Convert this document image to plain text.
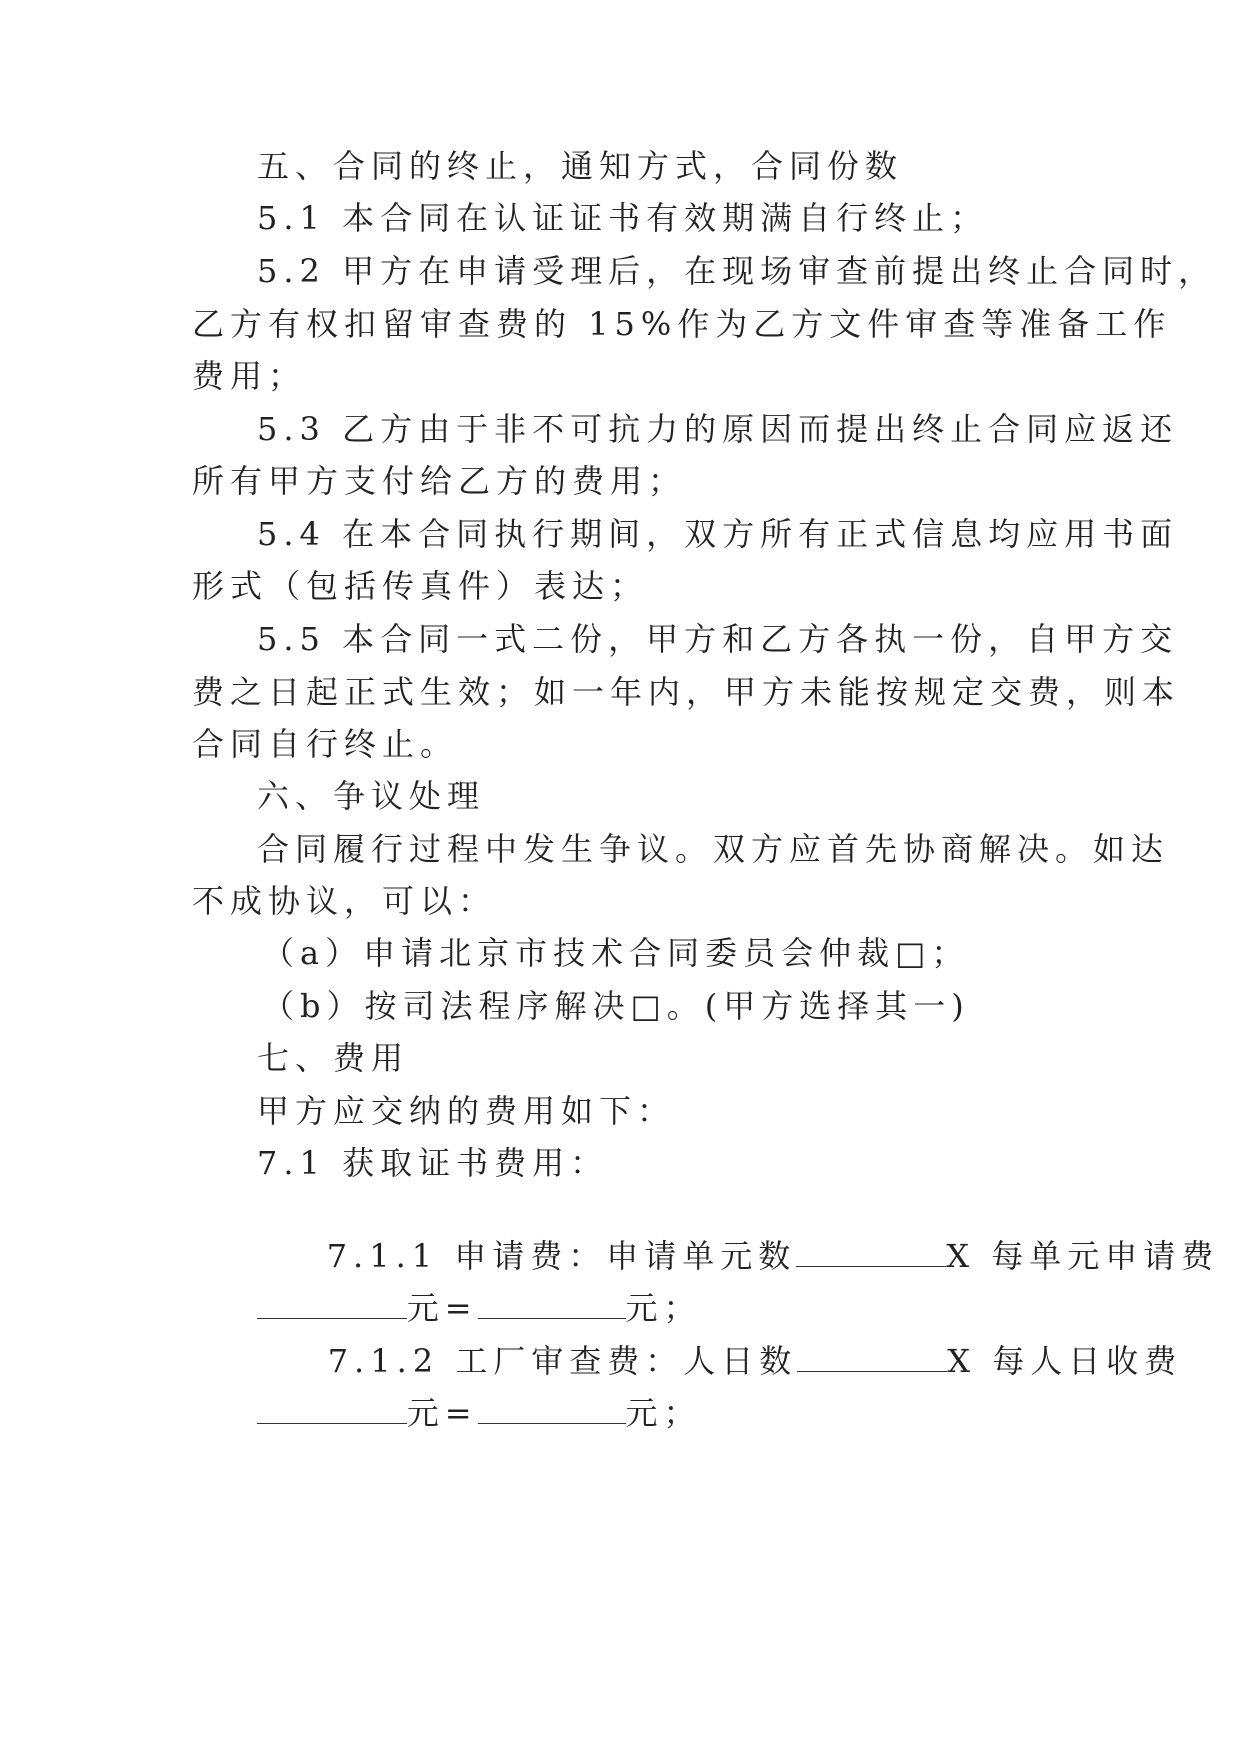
五、合同的终止，通知方式，合同份数
5.1 本合同在认证证书有效期满自行终止；
5.2 甲方在申请受理后，在现场审查前提出终止合同时，
乙方有权扣留审查费的 15%作为乙方文件审查等准备工作
费用；
5.3 乙方由于非不可抗力的原因而提出终止合同应返还
所有甲方支付给乙方的费用；
5.4 在本合同执行期间，双方所有正式信息均应用书面
形式（包括传真件）表达；
5.5 本合同一式二份，甲方和乙方各执一份，自甲方交
费之日起正式生效；如一年内，甲方未能按规定交费，则本
合同自行终止。
六、争议处理
合同履行过程中发生争议。双方应首先协商解决。如达
不成协议，可以：
（a）申请北京市技术合同委员会仲裁□；
（b）按司法程序解决□。(甲方选择其一)
七、费用
甲方应交纳的费用如下：
7.1 获取证书费用：

7.1.1 申请费：申请单元数	X 每单元申请费

元=	元；

7.1.2 工厂审查费：人日数	X 每人日收费

元=	元；
